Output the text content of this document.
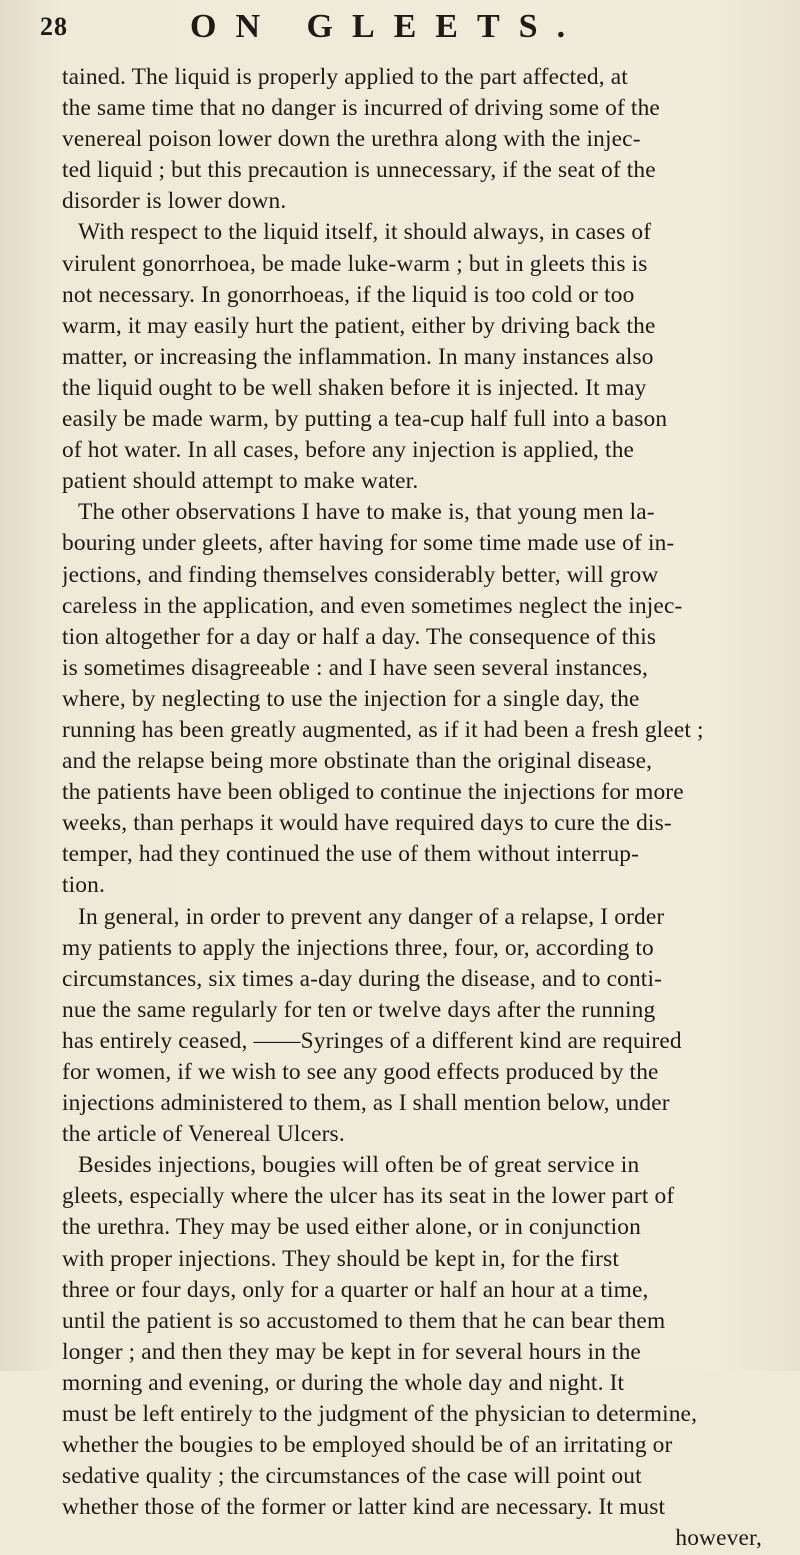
28	ON GLEETS.
tained. The liquid is properly applied to the part affected, at
the same time that no danger is incurred of driving some of the
venereal poison lower down the urethra along with the injec-
ted liquid ; but this precaution is unnecessary, if the seat of the
disorder is lower down.
With respect to the liquid itself, it should always, in cases of
virulent gonorrhoea, be made luke-warm ; but in gleets this is
not necessary. In gonorrhoeas, if the liquid is too cold or too
warm, it may easily hurt the patient, either by driving back the
matter, or increasing the inflammation. In many instances also
the liquid ought to be well shaken before it is injected. It may
easily be made warm, by putting a tea-cup half full into a bason
of hot water. In all cases, before any injection is applied, the
patient should attempt to make water.
The other observations I have to make is, that young men la-
bouring under gleets, after having for some time made use of in-
jections, and finding themselves considerably better, will grow
careless in the application, and even sometimes neglect the injec-
tion altogether for a day or half a day. The consequence of this
is sometimes disagreeable : and I have seen several instances,
where, by neglecting to use the injection for a single day, the
running has been greatly augmented, as if it had been a fresh gleet ;
and the relapse being more obstinate than the original disease,
the patients have been obliged to continue the injections for more
weeks, than perhaps it would have required days to cure the dis-
temper, had they continued the use of them without interrup-
tion.
In general, in order to prevent any danger of a relapse, I order
my patients to apply the injections three, four, or, according to
circumstances, six times a-day during the disease, and to conti-
nue the same regularly for ten or twelve days after the running
has entirely ceased, ——Syringes of a different kind are required
for women, if we wish to see any good effects produced by the
injections administered to them, as I shall mention below, under
the article of Venereal Ulcers.
Besides injections, bougies will often be of great service in
gleets, especially where the ulcer has its seat in the lower part of
the urethra. They may be used either alone, or in conjunction
with proper injections. They should be kept in, for the first
three or four days, only for a quarter or half an hour at a time,
until the patient is so accustomed to them that he can bear them
longer ; and then they may be kept in for several hours in the
morning and evening, or during the whole day and night. It
must be left entirely to the judgment of the physician to determine,
whether the bougies to be employed should be of an irritating or
sedative quality ; the circumstances of the case will point out
whether those of the former or latter kind are necessary. It must
however,
